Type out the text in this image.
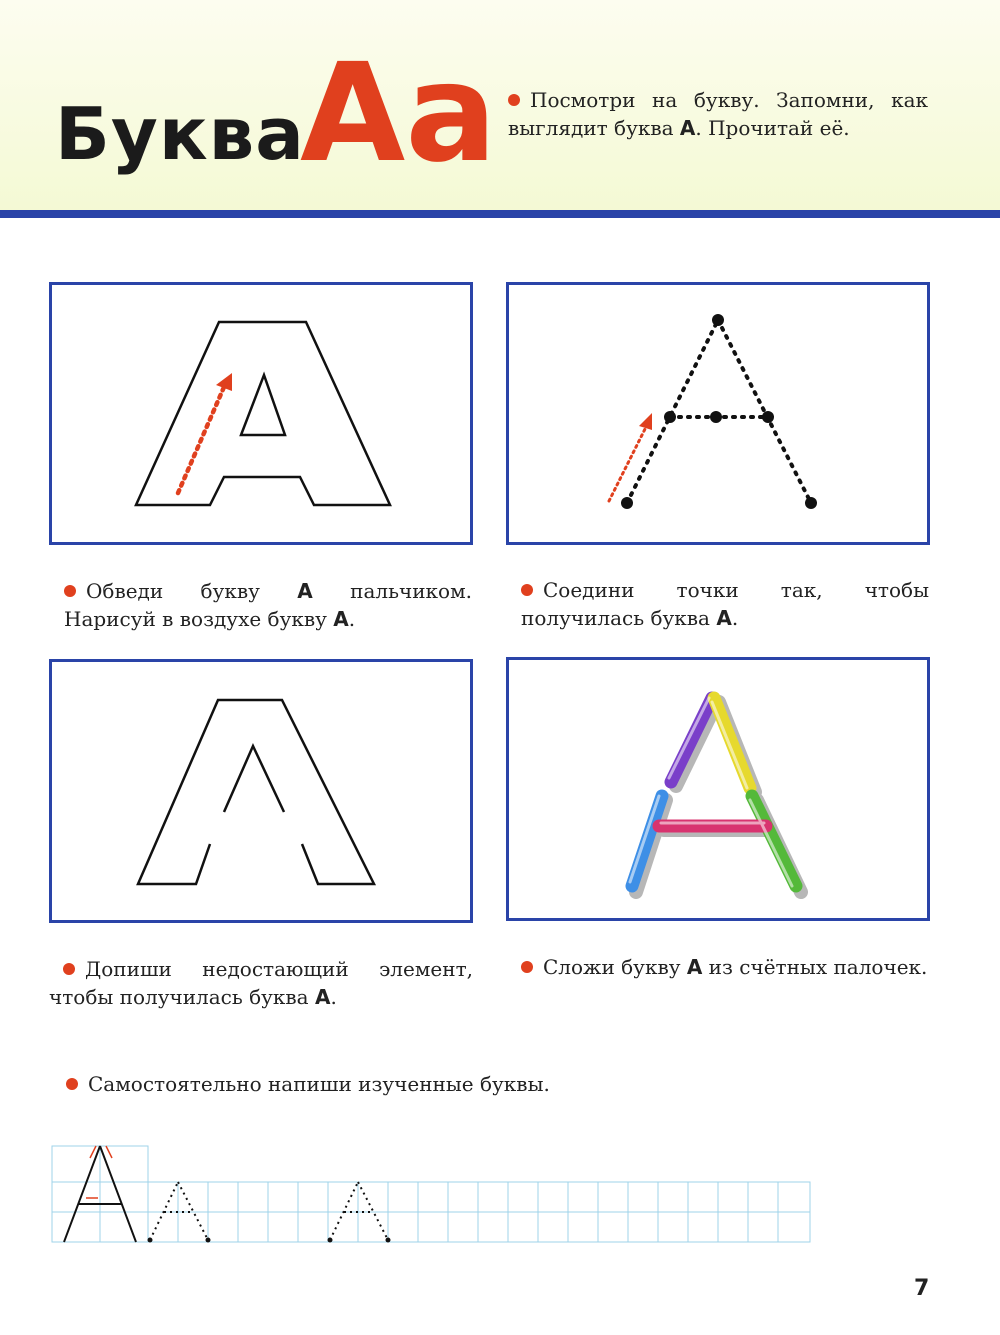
Буква
Аа	Посмотри на букву. Запомни, как выглядит буква А. Прочитай её.
Обведи букву А пальчиком. Нарисуй в воздухе букву А.
Соедини точки так, чтобы получилась буква А.
Допиши недостающий элемент, чтобы получилась буква А.
Сложи букву А из счётных палочек.
Самостоятельно напиши изученные буквы.
7
